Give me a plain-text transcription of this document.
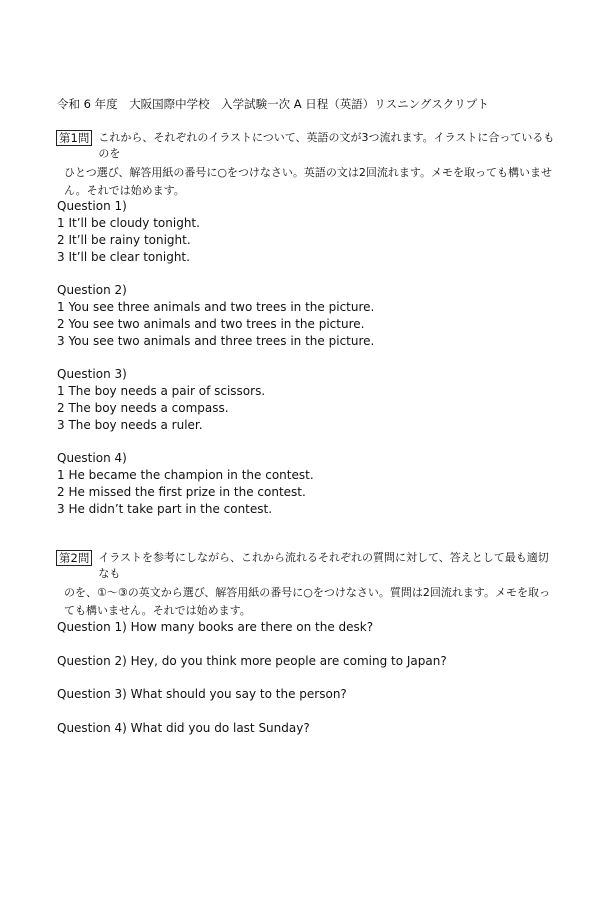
令和 6 年度　大阪国際中学校　入学試験一次 A 日程（英語）リスニングスクリプト
第1問 これから、それぞれのイラストについて、英語の文が3つ流れます。イラストに合っているものを
ひとつ選び、解答用紙の番号に○をつけなさい。英語の文は2回流れます。メモを取っても構いませ
ん。それでは始めます。
Question 1)
1 It’ll be cloudy tonight.
2 It’ll be rainy tonight.
3 It’ll be clear tonight.
Question 2)
1 You see three animals and two trees in the picture.
2 You see two animals and two trees in the picture.
3 You see two animals and three trees in the picture.
Question 3)
1 The boy needs a pair of scissors.
2 The boy needs a compass.
3 The boy needs a ruler.
Question 4)
1 He became the champion in the contest.
2 He missed the first prize in the contest.
3 He didn’t take part in the contest.
第2問 イラストを参考にしながら、これから流れるそれぞれの質問に対して、答えとして最も適切なも
のを、①～③の英文から選び、解答用紙の番号に○をつけなさい。質問は2回流れます。メモを取っ
ても構いません。それでは始めます。
Question 1) How many books are there on the desk?
Question 2) Hey, do you think more people are coming to Japan?
Question 3) What should you say to the person?
Question 4) What did you do last Sunday?
